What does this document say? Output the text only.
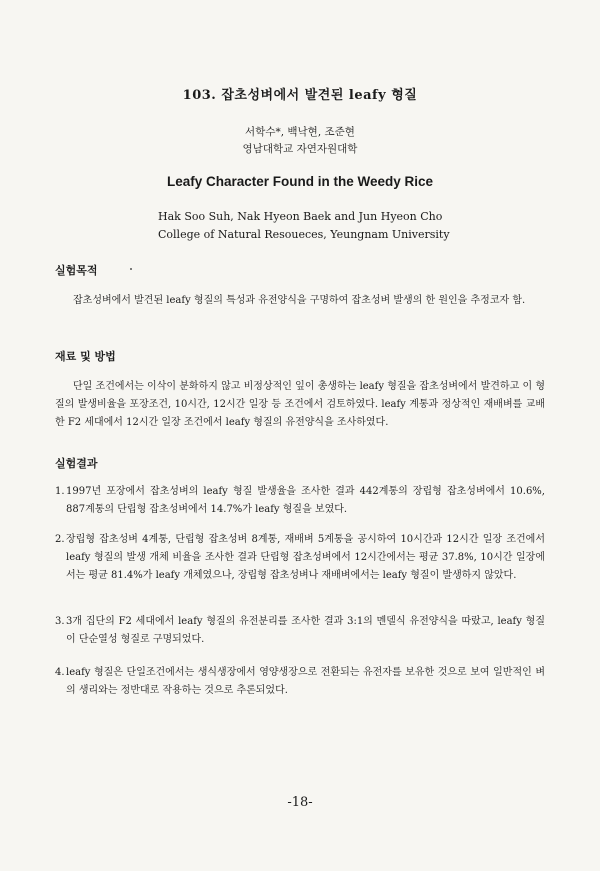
103. 잡초성벼에서 발견된 leafy 형질
서학수*, 백낙현, 조준현
영남대학교 자연자원대학
Leafy Character Found in the Weedy Rice
Hak Soo Suh, Nak Hyeon Baek and Jun Hyeon Cho
College of Natural Resoueces, Yeungnam University
실험목적
잡초성벼에서 발견된 leafy 형질의 특성과 유전양식을 구명하여 잡초성벼 발생의 한 원인을 추정코자 함.
재료 및 방법
단일 조건에서는 이삭이 분화하지 않고 비정상적인 잎이 총생하는 leafy 형질을 잡초성벼에서 발견하고 이 형질의 발생비율을 포장조건, 10시간, 12시간 일장 등 조건에서 검토하였다. leafy 계통과 정상적인 재배벼를 교배한 F2 세대에서 12시간 일장 조건에서 leafy 형질의 유전양식을 조사하였다.
실험결과
1. 1997년 포장에서 잡초성벼의 leafy 형질 발생율을 조사한 결과 442계통의 장립형 잡초성벼에서 10.6%, 887계통의 단립형 잡초성벼에서 14.7%가 leafy 형질을 보였다.
2. 장립형 잡초성벼 4계통, 단립형 잡초성벼 8계통, 재배벼 5계통을 공시하여 10시간과 12시간 일장 조건에서 leafy 형질의 발생 개체 비율을 조사한 결과 단립형 잡초성벼에서 12시간에서는 평균 37.8%, 10시간 일장에서는 평균 81.4%가 leafy 개체였으나, 장립형 잡초성벼나 재배벼에서는 leafy 형질이 발생하지 않았다.
3. 3개 집단의 F2 세대에서 leafy 형질의 유전분리를 조사한 결과 3:1의 멘델식 유전양식을 따랐고, leafy 형질이 단순열성 형질로 구명되었다.
4. leafy 형질은 단일조건에서는 생식생장에서 영양생장으로 전환되는 유전자를 보유한 것으로 보여 일반적인 벼의 생리와는 정반대로 작용하는 것으로 추론되었다.
-18-
